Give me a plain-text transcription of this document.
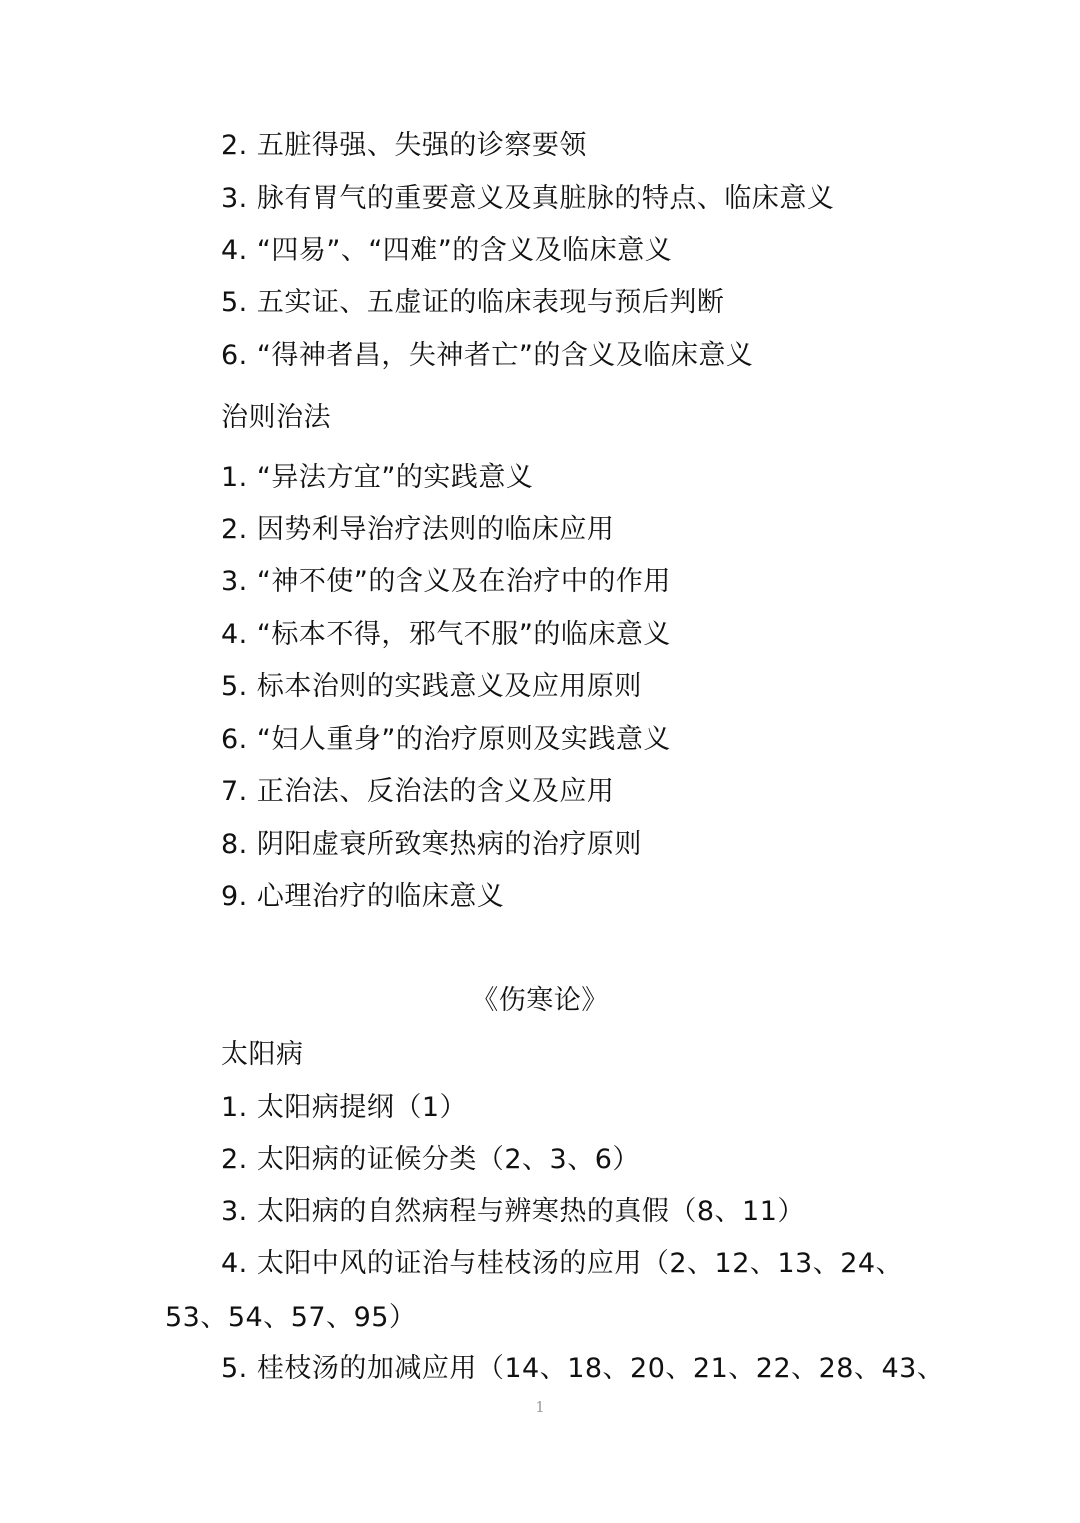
2. 五脏得强、失强的诊察要领
3. 脉有胃气的重要意义及真脏脉的特点、临床意义
4. “四易”、“四难”的含义及临床意义
5. 五实证、五虚证的临床表现与预后判断
6. “得神者昌，失神者亡”的含义及临床意义
治则治法
1. “异法方宜”的实践意义
2. 因势利导治疗法则的临床应用
3. “神不使”的含义及在治疗中的作用
4. “标本不得，邪气不服”的临床意义
5. 标本治则的实践意义及应用原则
6. “妇人重身”的治疗原则及实践意义
7. 正治法、反治法的含义及应用
8. 阴阳虚衰所致寒热病的治疗原则
9. 心理治疗的临床意义
《伤寒论》
太阳病
1. 太阳病提纲（1）
2. 太阳病的证候分类（2、3、6）
3. 太阳病的自然病程与辨寒热的真假（8、11）
4. 太阳中风的证治与桂枝汤的应用（2、12、13、24、
53、54、57、95）
5. 桂枝汤的加减应用（14、18、20、21、22、28、43、
1
